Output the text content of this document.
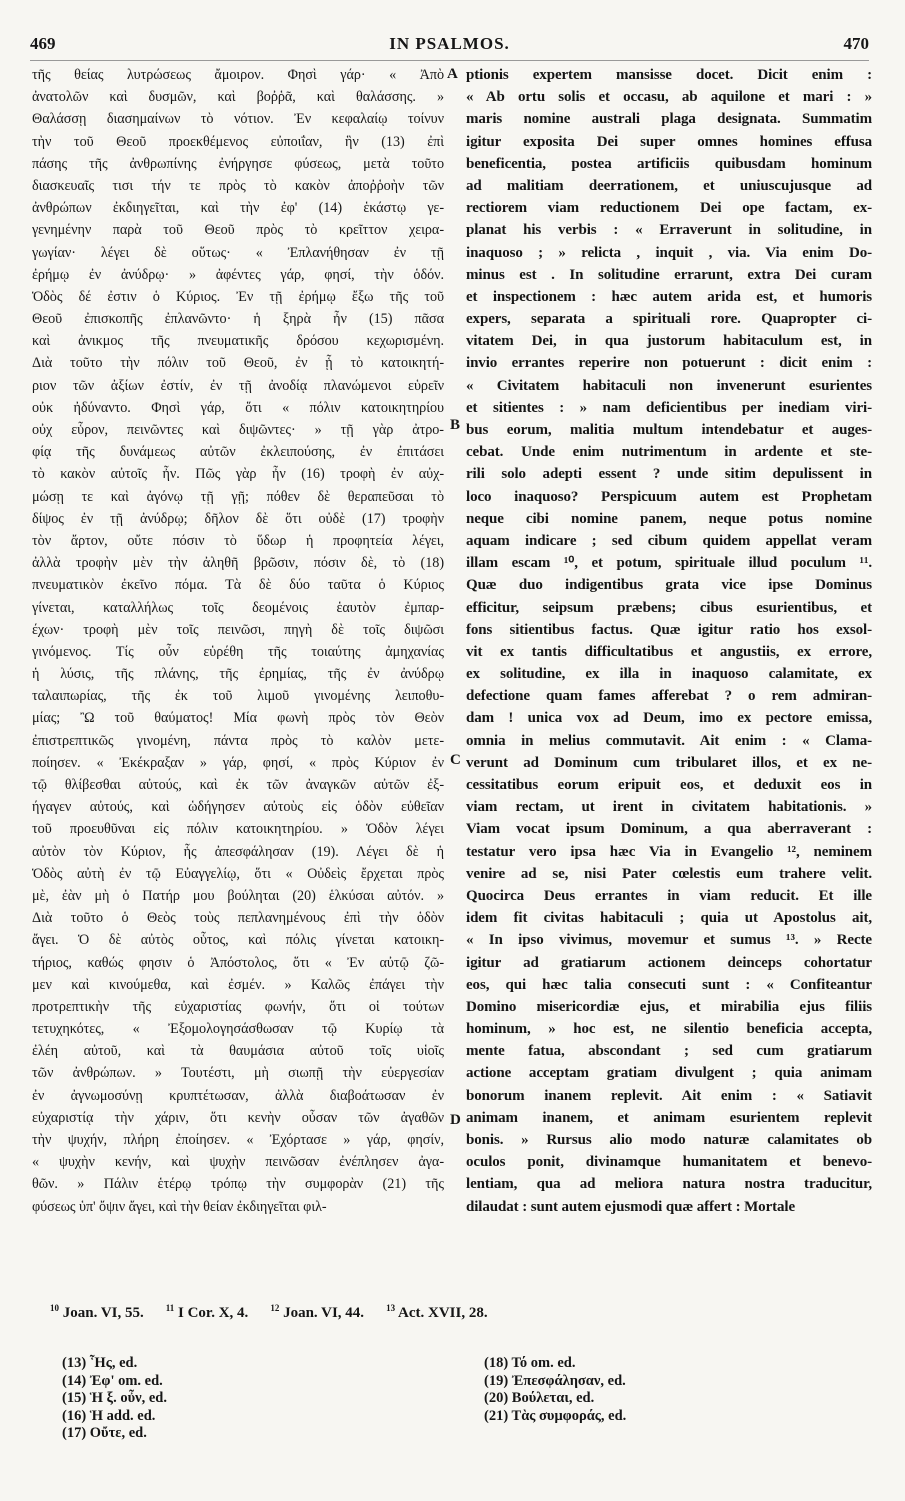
469	IN PSALMOS.	470
τῆς θείας λυτρώσεως ἄμοιρον. Φησὶ γάρ· « Ἀπὸ
ἀνατολῶν καὶ δυσμῶν, καὶ βοῤῥᾶ, καὶ θαλάσσης. »
Θαλάσσῃ διασημαίνων τὸ νότιον. Ἐν κεφαλαίῳ τοίνυν
τὴν τοῦ Θεοῦ προεκθέμενος εὐποιΐαν, ἣν (13) ἐπὶ
πάσης τῆς ἀνθρωπίνης ἐνήργησε φύσεως, μετὰ τοῦτο
διασκευαῖς τισι τήν τε πρὸς τὸ κακὸν ἀποῤῥοὴν τῶν
ἀνθρώπων ἐκδιηγεῖται, καὶ τὴν ἐφ' (14) ἑκάστῳ γε-
γενημένην παρὰ τοῦ Θεοῦ πρὸς τὸ κρεῖττον χειρα-
γωγίαν· λέγει δὲ οὕτως· « Ἐπλανήθησαν ἐν τῇ
ἐρήμῳ ἐν ἀνύδρῳ· » ἀφέντες γάρ, φησί, τὴν ὁδόν.
Ὁδὸς δέ ἐστιν ὁ Κύριος. Ἐν τῇ ἐρήμῳ ἔξω τῆς τοῦ
Θεοῦ ἐπισκοπῆς ἐπλανῶντο· ἡ ξηρὰ ἦν (15) πᾶσα
καὶ ἀνικμος τῆς πνευματικῆς δρόσου κεχωρισμένη.
Διὰ τοῦτο τὴν πόλιν τοῦ Θεοῦ, ἐν ᾗ τὸ κατοικητή-
ριον τῶν ἀξίων ἐστίν, ἐν τῇ ἀνοδίᾳ πλανώμενοι εὑρεῖν
οὐκ ἠδύναντο. Φησὶ γάρ, ὅτι « πόλιν κατοικητηρίου
οὐχ εὗρον, πεινῶντες καὶ διψῶντες· » τῇ γὰρ ἀτρο-
φίᾳ τῆς δυνάμεως αὐτῶν ἐκλειπούσης, ἐν ἐπιτάσει
τὸ κακὸν αὐτοῖς ἦν. Πῶς γὰρ ἦν (16) τροφὴ ἐν αὐχ-
μώσῃ τε καὶ ἀγόνῳ τῇ γῇ; πόθεν δὲ θεραπεῦσαι τὸ
δίψος ἐν τῇ ἀνύδρῳ; δῆλον δὲ ὅτι οὐδὲ (17) τροφὴν
τὸν ἄρτον, οὔτε πόσιν τὸ ὕδωρ ἡ προφητεία λέγει,
ἀλλὰ τροφὴν μὲν τὴν ἀληθῆ βρῶσιν, πόσιν δὲ, τὸ (18)
πνευματικὸν ἐκεῖνο πόμα. Τὰ δὲ δύο ταῦτα ὁ Κύριος
γίνεται, καταλλήλως τοῖς δεομένοις ἑαυτὸν ἐμπαρ-
έχων· τροφὴ μὲν τοῖς πεινῶσι, πηγὴ δὲ τοῖς διψῶσι
γινόμενος. Τίς οὖν εὑρέθη τῆς τοιαύτης ἀμηχανίας
ἡ λύσις, τῆς πλάνης, τῆς ἐρημίας, τῆς ἐν ἀνύδρῳ
ταλαιπωρίας, τῆς ἐκ τοῦ λιμοῦ γινομένης λειποθυ-
μίας; Ὢ τοῦ θαύματος! Μία φωνὴ πρὸς τὸν Θεὸν
ἐπιστρεπτικῶς γινομένη, πάντα πρὸς τὸ καλὸν μετε-
ποίησεν. « Ἐκέκραξαν » γάρ, φησί, « πρὸς Κύριον ἐν
τῷ θλίβεσθαι αὐτούς, καὶ ἐκ τῶν ἀναγκῶν αὐτῶν ἐξ-
ήγαγεν αὐτούς, καὶ ὡδήγησεν αὐτοὺς εἰς ὁδὸν εὐθεῖαν
τοῦ προευθῦναι εἰς πόλιν κατοικητηρίου. » Ὁδὸν λέγει
αὐτὸν τὸν Κύριον, ἧς ἀπεσφάλησαν (19). Λέγει δὲ ἡ
Ὁδὸς αὐτὴ ἐν τῷ Εὐαγγελίῳ, ὅτι « Οὐδεὶς ἔρχεται πρὸς
μὲ, ἐὰν μὴ ὁ Πατήρ μου βούληται (20) ἑλκύσαι αὐτόν. »
Διὰ τοῦτο ὁ Θεὸς τοὺς πεπλανημένους ἐπὶ τὴν ὁδὸν
ἄγει. Ὁ δὲ αὐτὸς οὗτος, καὶ πόλις γίνεται κατοικη-
τήριος, καθώς φησιν ὁ Ἀπόστολος, ὅτι « Ἐν αὐτῷ ζῶ-
μεν καὶ κινούμεθα, καὶ ἐσμέν. » Καλῶς ἐπάγει τὴν
προτρεπτικὴν τῆς εὐχαριστίας φωνήν, ὅτι οἱ τούτων
τετυχηκότες, « Ἐξομολογησάσθωσαν τῷ Κυρίῳ τὰ
ἐλέη αὐτοῦ, καὶ τὰ θαυμάσια αὐτοῦ τοῖς υἱοῖς
τῶν ἀνθρώπων. » Τουτέστι, μὴ σιωπῇ τὴν εὐεργεσίαν
ἐν ἀγνωμοσύνῃ κρυπτέτωσαν, ἀλλὰ διαβοάτωσαν ἐν
εὐχαριστίᾳ τὴν χάριν, ὅτι κενὴν οὖσαν τῶν ἀγαθῶν
τὴν ψυχήν, πλήρη ἐποίησεν. « Ἐχόρτασε » γάρ, φησίν,
« ψυχὴν κενήν, καὶ ψυχὴν πεινῶσαν ἐνέπλησεν ἀγα-
θῶν. » Πάλιν ἑτέρῳ τρόπῳ τὴν συμφορὰν (21) τῆς
φύσεως ὑπ' ὄψιν ἄγει, καὶ τὴν θείαν ἐκδιηγεῖται φιλ-
ptionis expertem mansisse docet. Dicit enim :
« Ab ortu solis et occasu, ab aquilone et mari : »
maris nomine australi plaga designata. Summatim
igitur exposita Dei super omnes homines effusa
beneficentia, postea artificiis quibusdam hominum
ad malitiam deerrationem, et uniuscujusque ad
rectiorem viam reductionem Dei ope factam, ex-
planat his verbis : « Erraverunt in solitudine, in
inaquoso ; » relicta , inquit , via. Via enim Do-
minus est . In solitudine errarunt, extra Dei curam
et inspectionem : hæc autem arida est, et humoris
expers, separata a spirituali rore. Quapropter ci-
vitatem Dei, in qua justorum habitaculum est, in
invio errantes reperire non potuerunt : dicit enim :
« Civitatem habitaculi non invenerunt esurientes
et sitientes : » nam deficientibus per inediam viri-
bus eorum, malitia multum intendebatur et auges-
cebat. Unde enim nutrimentum in ardente et ste-
rili solo adepti essent ? unde sitim depulissent in
loco inaquoso? Perspicuum autem est Prophetam
neque cibi nomine panem, neque potus nomine
aquam indicare ; sed cibum quidem appellat veram
illam escam ¹⁰, et potum, spirituale illud poculum ¹¹.
Quæ duo indigentibus grata vice ipse Dominus
efficitur, seipsum præbens; cibus esurientibus, et
fons sitientibus factus. Quæ igitur ratio hos exsol-
vit ex tantis difficultatibus et angustiis, ex errore,
ex solitudine, ex illa in inaquoso calamitate, ex
defectione quam fames afferebat ? o rem admiran-
dam ! unica vox ad Deum, imo ex pectore emissa,
omnia in melius commutavit. Ait enim : « Clama-
verunt ad Dominum cum tribularet illos, et ex ne-
cessitatibus eorum eripuit eos, et deduxit eos in
viam rectam, ut irent in civitatem habitationis. »
Viam vocat ipsum Dominum, a qua aberraverant :
testatur vero ipsa hæc Via in Evangelio ¹², neminem
venire ad se, nisi Pater cœlestis eum trahere velit.
Quocirca Deus errantes in viam reducit. Et ille
idem fit civitas habitaculi ; quia ut Apostolus ait,
« In ipso vivimus, movemur et sumus ¹³. » Recte
igitur ad gratiarum actionem deinceps cohortatur
eos, qui hæc talia consecuti sunt : « Confiteantur
Domino misericordiæ ejus, et mirabilia ejus filiis
hominum, » hoc est, ne silentio beneficia accepta,
mente fatua, abscondant ; sed cum gratiarum
actione acceptam gratiam divulgent ; quia animam
bonorum inanem replevit. Ait enim : « Satiavit
animam inanem, et animam esurientem replevit
bonis. » Rursus alio modo naturæ calamitates ob
oculos ponit, divinamque humanitatem et benevo-
lentiam, qua ad meliora natura nostra traducitur,
dilaudat : sunt autem ejusmodi quæ affert : Mortale
A
B
C
D
$^{10}$ Joan. VI, 55. $^{11}$ I Cor. X, 4. $^{12}$ Joan. VI, 44. $^{13}$ Act. XVII, 28.
(13) Ἧς, ed.
(14) Ἐφ' om. ed.
(15) Ἡ ξ. οὖν, ed.
(16) Ἡ add. ed.
(17) Οὔτε, ed.
(18) Τό om. ed.
(19) Ἐπεσφάλησαν, ed.
(20) Βούλεται, ed.
(21) Τὰς συμφοράς, ed.
